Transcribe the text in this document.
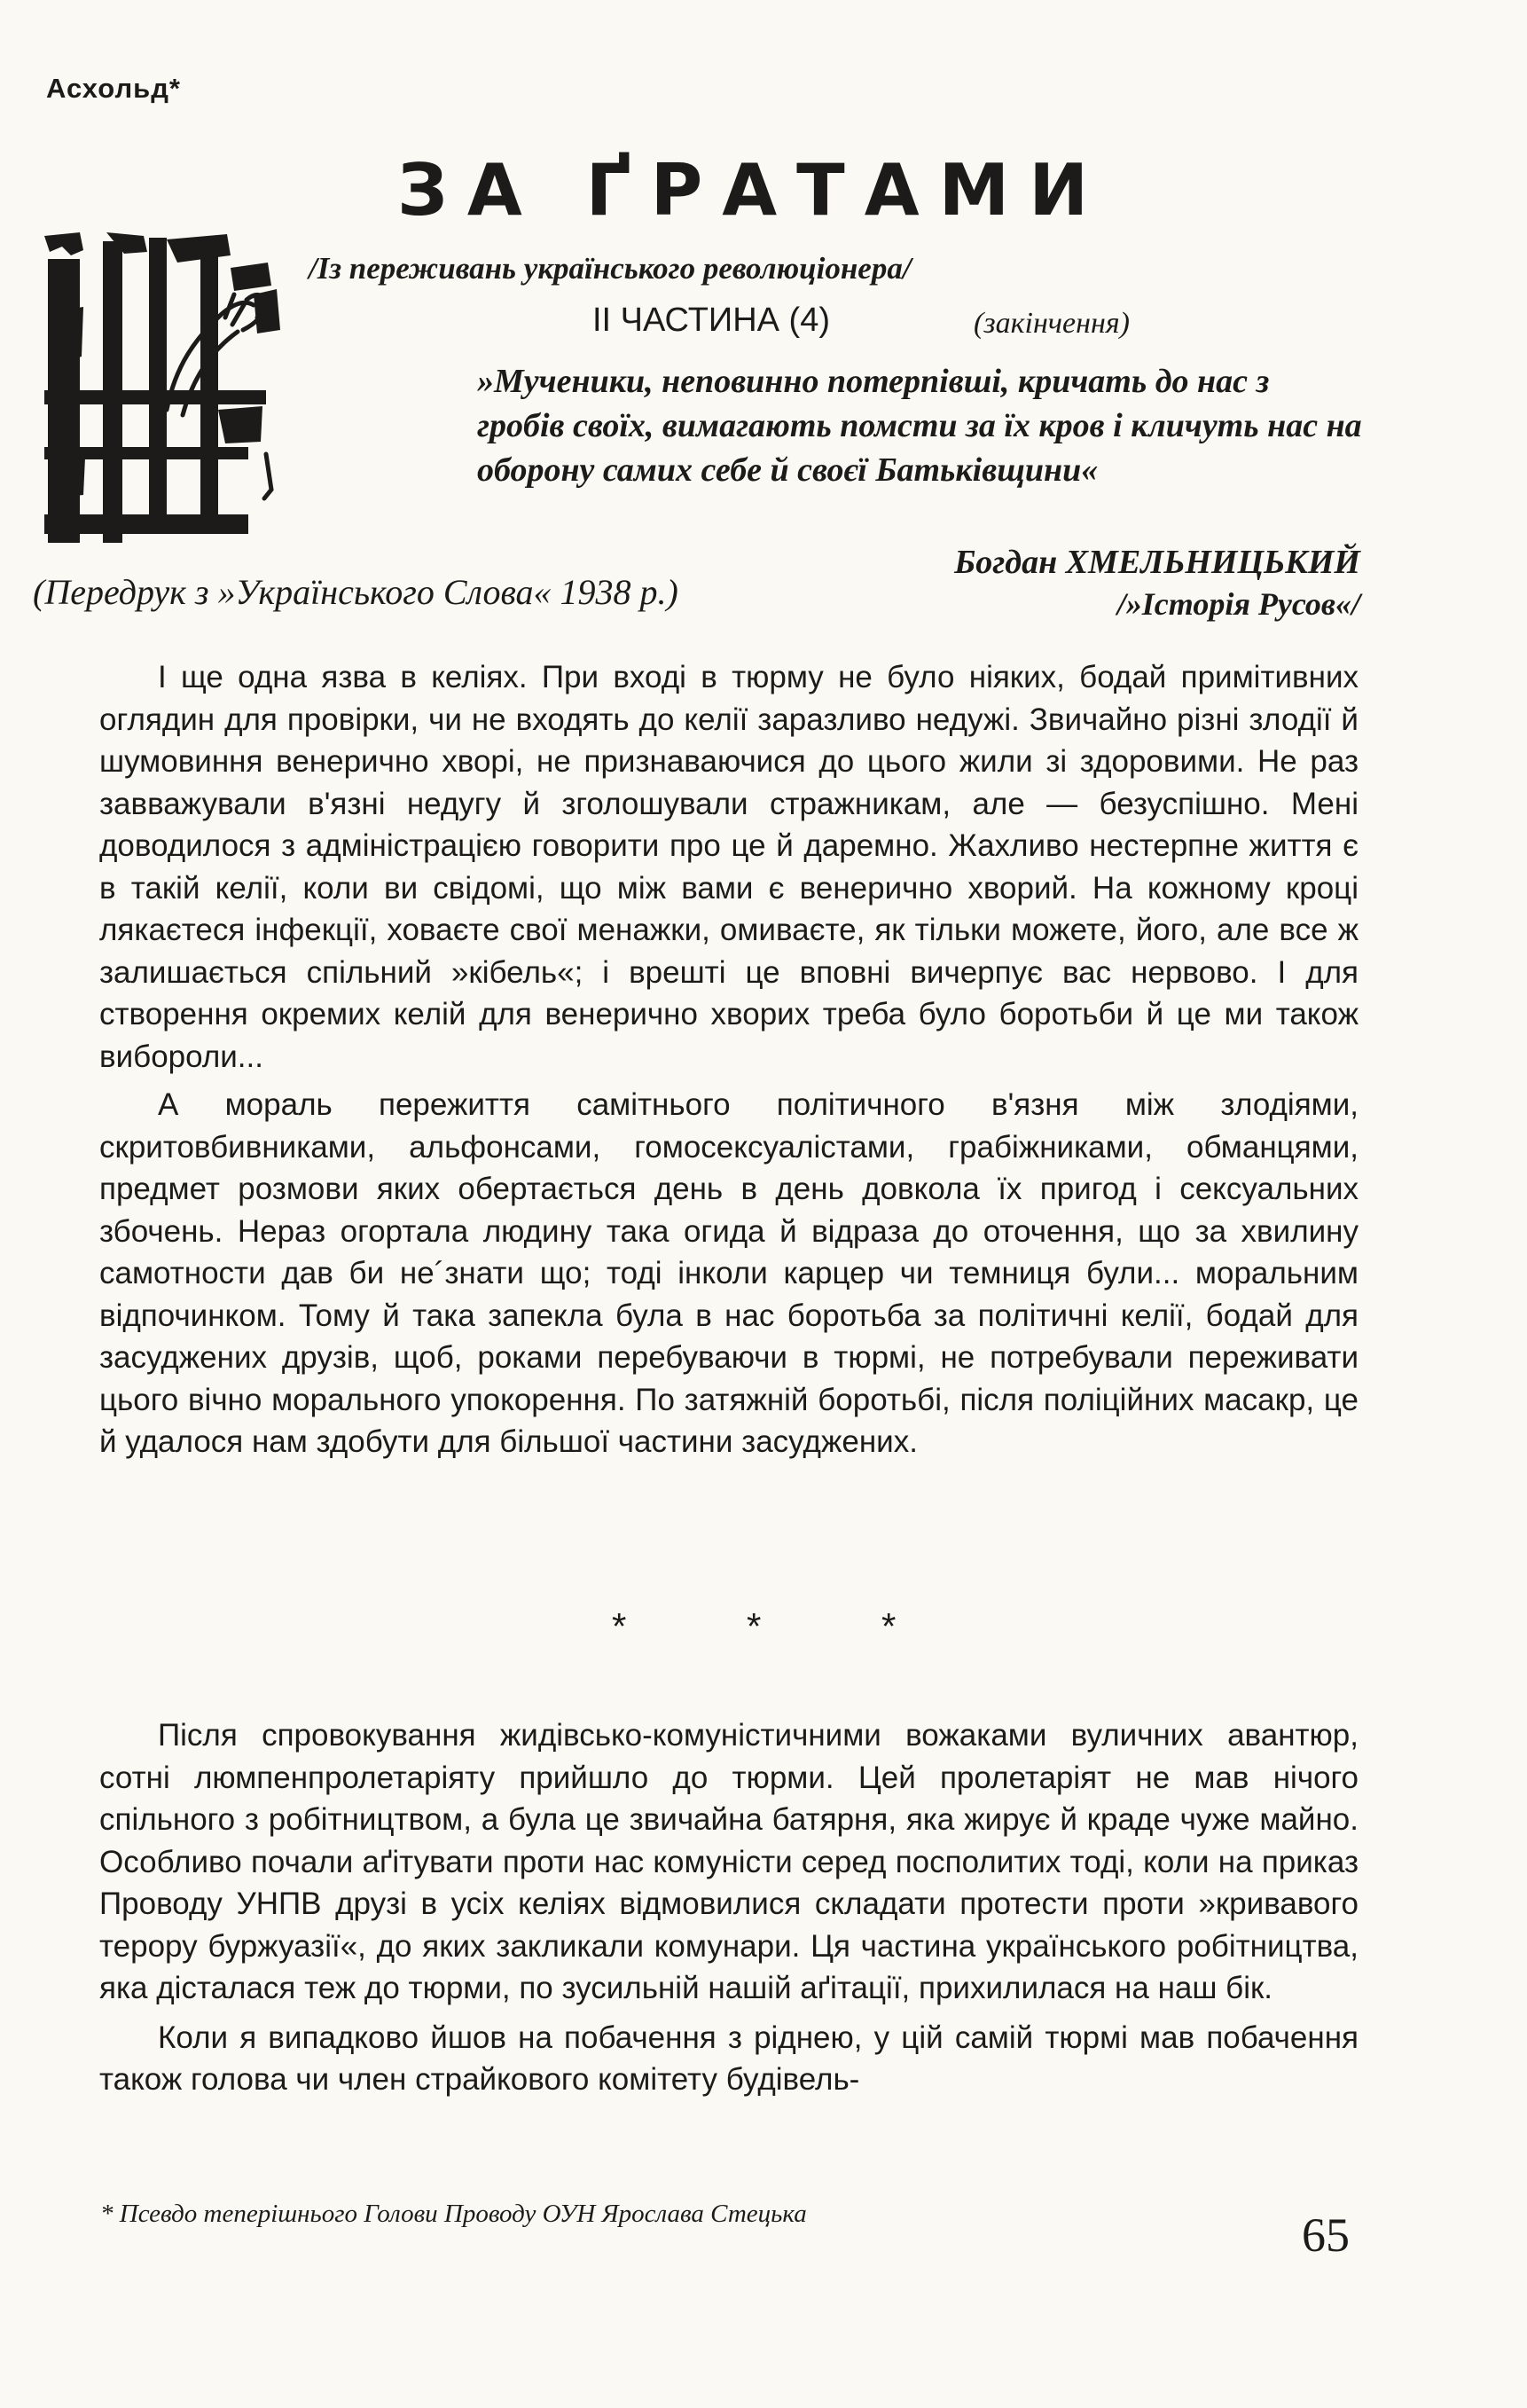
Асхольд*
ЗА ҐРАТАМИ
/Із переживань українського революціонера/
II ЧАСТИНА (4)	(закінчення)
»Мученики, неповинно потерпівші, кричать до нас з гробів своїх, вимагають помсти за їх кров і кличуть нас на оборону самих себе й своєї Батьківщини«
Богдан ХМЕЛЬНИЦЬКИЙ
/»Історія Русов«/
(Передрук з »Українського Слова« 1938 р.)

І ще одна язва в келіях. При вході в тюрму не було ніяких, бодай примітивних оглядин для провірки, чи не входять до келії заразливо недужі. Звичайно різні злодії й шумовиння венерично хворі, не признаваючися до цього жили зі здоровими. Не раз завважували в'язні недугу й зголошували стражникам, але — безуспішно. Мені доводилося з адміністрацією говорити про це й даремно. Жахливо нестерпне життя є в такій келії, коли ви свідомі, що між вами є венерично хворий. На кожному кроці лякаєтеся інфекції, ховаєте свої менажки, омиваєте, як тільки можете, його, але все ж залишається спільний »кібель«; і врешті це вповні вичерпує вас нервово. І для створення окремих келій для венерично хворих треба було боротьби й це ми також вибороли...

А мораль пережиття самітнього політичного в'язня між злодіями, скритовбивниками, альфонсами, гомосексуалістами, грабіжниками, обманцями, предмет розмови яких обертається день в день довкола їх пригод і сексуальних збочень. Нераз огортала людину така огида й відраза до оточення, що за хвилину самотности дав би не´знати що; тоді інколи карцер чи темниця були... моральним відпочинком. Тому й така запекла була в нас боротьба за політичні келії, бодай для засуджених друзів, щоб, роками перебуваючи в тюрмі, не потребували переживати цього вічно морального упокорення. По затяжній боротьбі, після поліційних масакр, це й удалося нам здобути для більшої частини засуджених.

* * *

Після спровокування жидівсько-комуністичними вожаками вуличних авантюр, сотні люмпенпролетаріяту прийшло до тюрми. Цей пролетаріят не мав нічого спільного з робітництвом, а була це звичайна батярня, яка жирує й краде чуже майно. Особливо почали аґітувати проти нас комуністи серед посполитих тоді, коли на приказ Проводу УНПВ друзі в усіх келіях відмовилися складати протести проти »кривавого терору буржуазії«, до яких закликали комунари. Ця частина українського робітництва, яка дісталася теж до тюрми, по зусильній нашій аґітації, прихилилася на наш бік.

Коли я випадково йшов на побачення з ріднею, у цій самій тюрмі мав побачення також голова чи член страйкового комітету будівель-

* Псевдо теперішнього Голови Проводу ОУН Ярослава Стецька	65
